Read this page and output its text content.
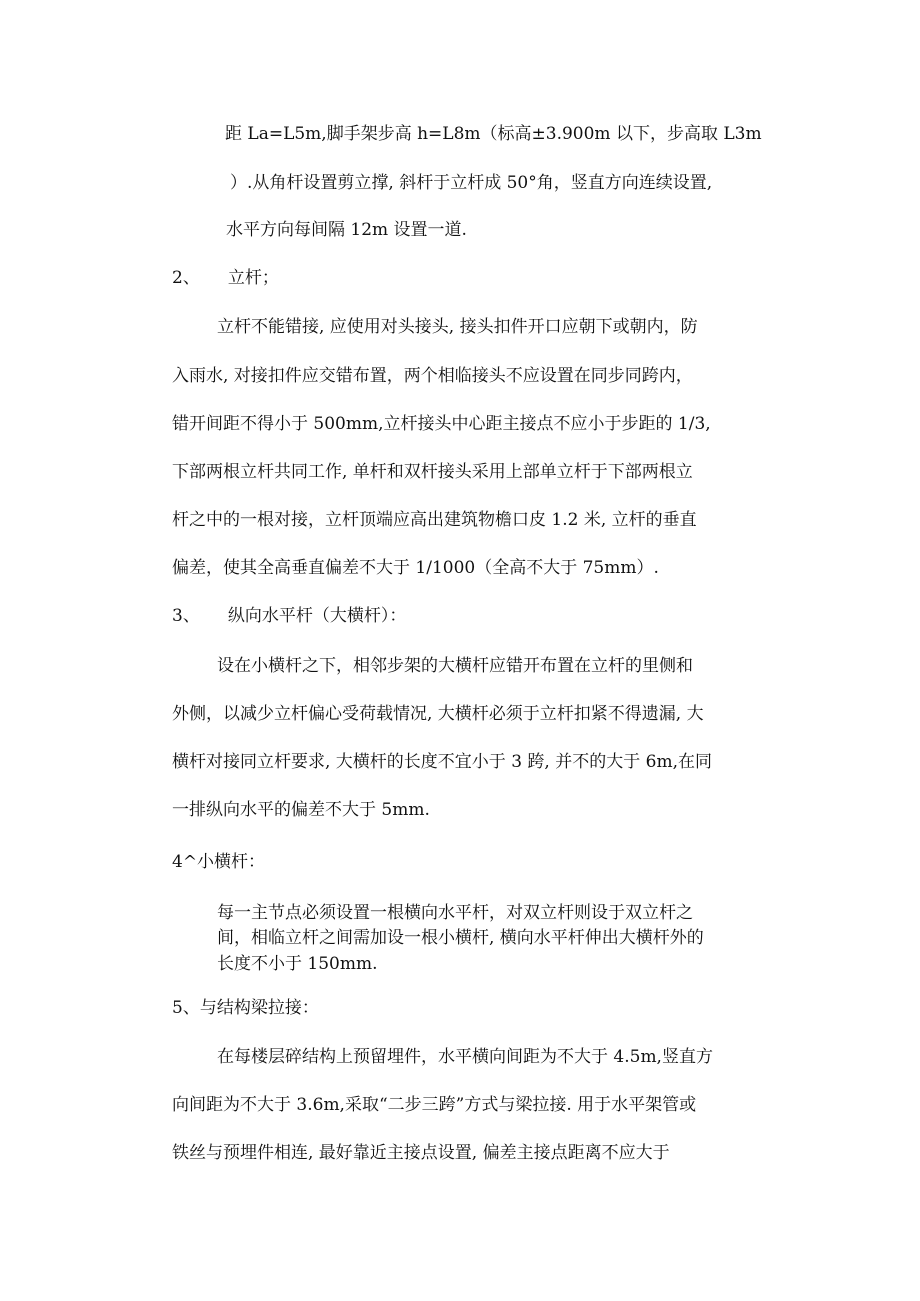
距 La=L5m,脚手架步高 h=L8m（标高±3.900m 以下，步高取 L3m
）.从角杆设置剪立撑, 斜杆于立杆成 50°角，竖直方向连续设置,
水平方向每间隔 12m 设置一道.
2、 立杆；
立杆不能错接, 应使用对头接头, 接头扣件开口应朝下或朝内，防
入雨水, 对接扣件应交错布置，两个相临接头不应设置在同步同跨内，
错开间距不得小于 500mm,立杆接头中心距主接点不应小于步距的 1/3,
下部两根立杆共同工作, 单杆和双杆接头采用上部单立杆于下部两根立
杆之中的一根对接，立杆顶端应高出建筑物檐口皮 1.2 米, 立杆的垂直
偏差，使其全高垂直偏差不大于 1/1000（全高不大于 75mm）.
3、 纵向水平杆（大横杆）：
设在小横杆之下，相邻步架的大横杆应错开布置在立杆的里侧和
外侧，以减少立杆偏心受荷载情况, 大横杆必须于立杆扣紧不得遗漏, 大
横杆对接同立杆要求, 大横杆的长度不宜小于 3 跨, 并不的大于 6m,在同
一排纵向水平的偏差不大于 5mm.
4^小横杆：
每一主节点必须设置一根横向水平杆，对双立杆则设于双立杆之
间，相临立杆之间需加设一根小横杆, 横向水平杆伸出大横杆外的
长度不小于 150mm.
5、与结构梁拉接：
在每楼层碎结构上预留埋件，水平横向间距为不大于 4.5m,竖直方
向间距为不大于 3.6m,采取“二步三跨”方式与梁拉接. 用于水平架管或
铁丝与预埋件相连, 最好靠近主接点设置, 偏差主接点距离不应大于
